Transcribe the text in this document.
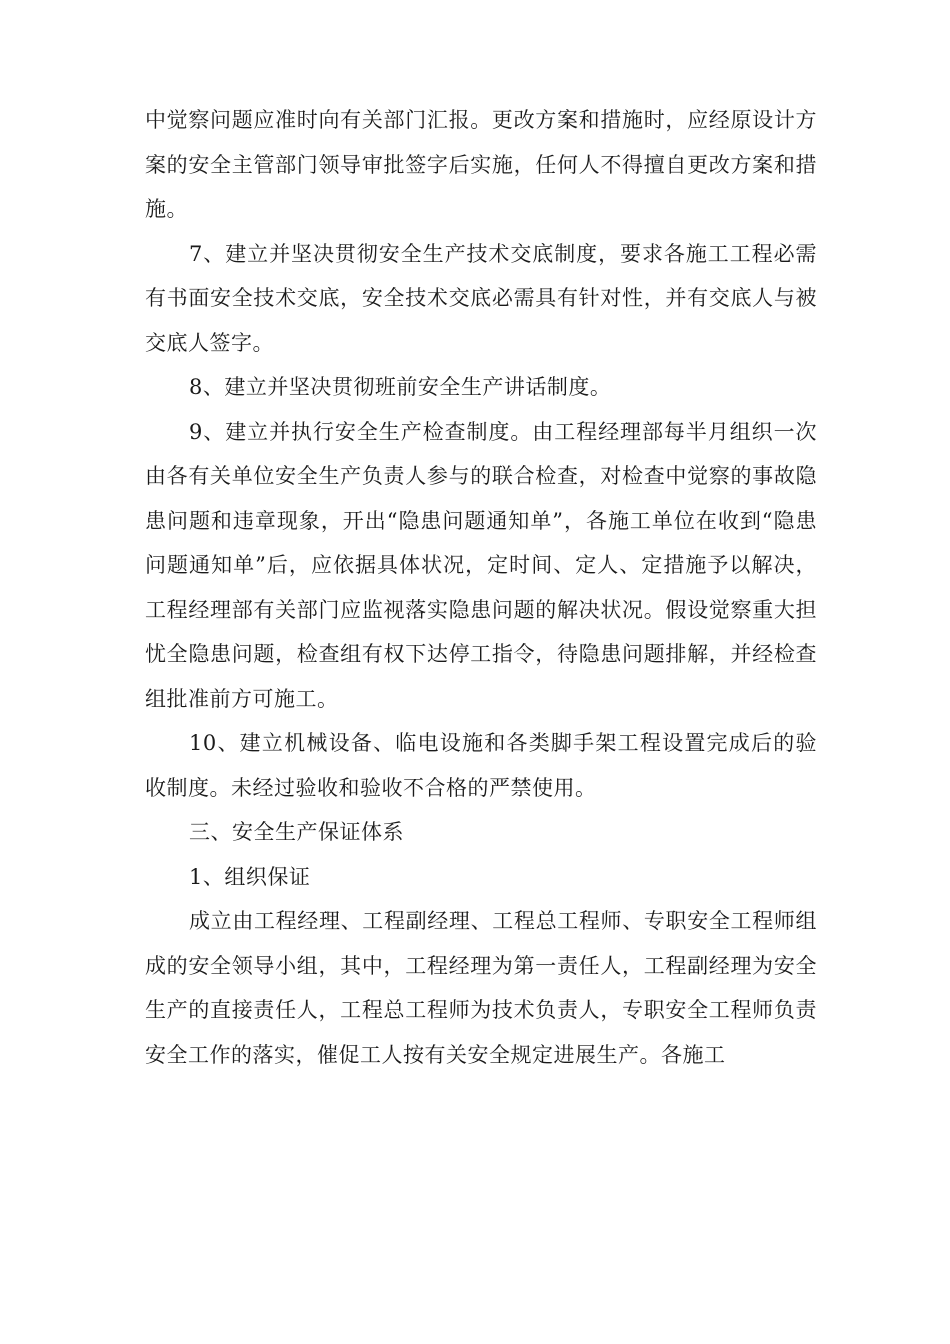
中觉察问题应准时向有关部门汇报。更改方案和措施时，应经原设计方案的安全主管部门领导审批签字后实施，任何人不得擅自更改方案和措施。

7、建立并坚决贯彻安全生产技术交底制度，要求各施工工程必需有书面安全技术交底，安全技术交底必需具有针对性，并有交底人与被交底人签字。

8、建立并坚决贯彻班前安全生产讲话制度。

9、建立并执行安全生产检查制度。由工程经理部每半月组织一次由各有关单位安全生产负责人参与的联合检查，对检查中觉察的事故隐患问题和违章现象，开出“隐患问题通知单”，各施工单位在收到“隐患问题通知单”后，应依据具体状况，定时间、定人、定措施予以解决，工程经理部有关部门应监视落实隐患问题的解决状况。假设觉察重大担忧全隐患问题，检查组有权下达停工指令，待隐患问题排解，并经检查组批准前方可施工。

10、建立机械设备、临电设施和各类脚手架工程设置完成后的验收制度。未经过验收和验收不合格的严禁使用。

三、安全生产保证体系

1、组织保证

成立由工程经理、工程副经理、工程总工程师、专职安全工程师组成的安全领导小组，其中，工程经理为第一责任人，工程副经理为安全生产的直接责任人，工程总工程师为技术负责人，专职安全工程师负责安全工作的落实，催促工人按有关安全规定进展生产。各施工
